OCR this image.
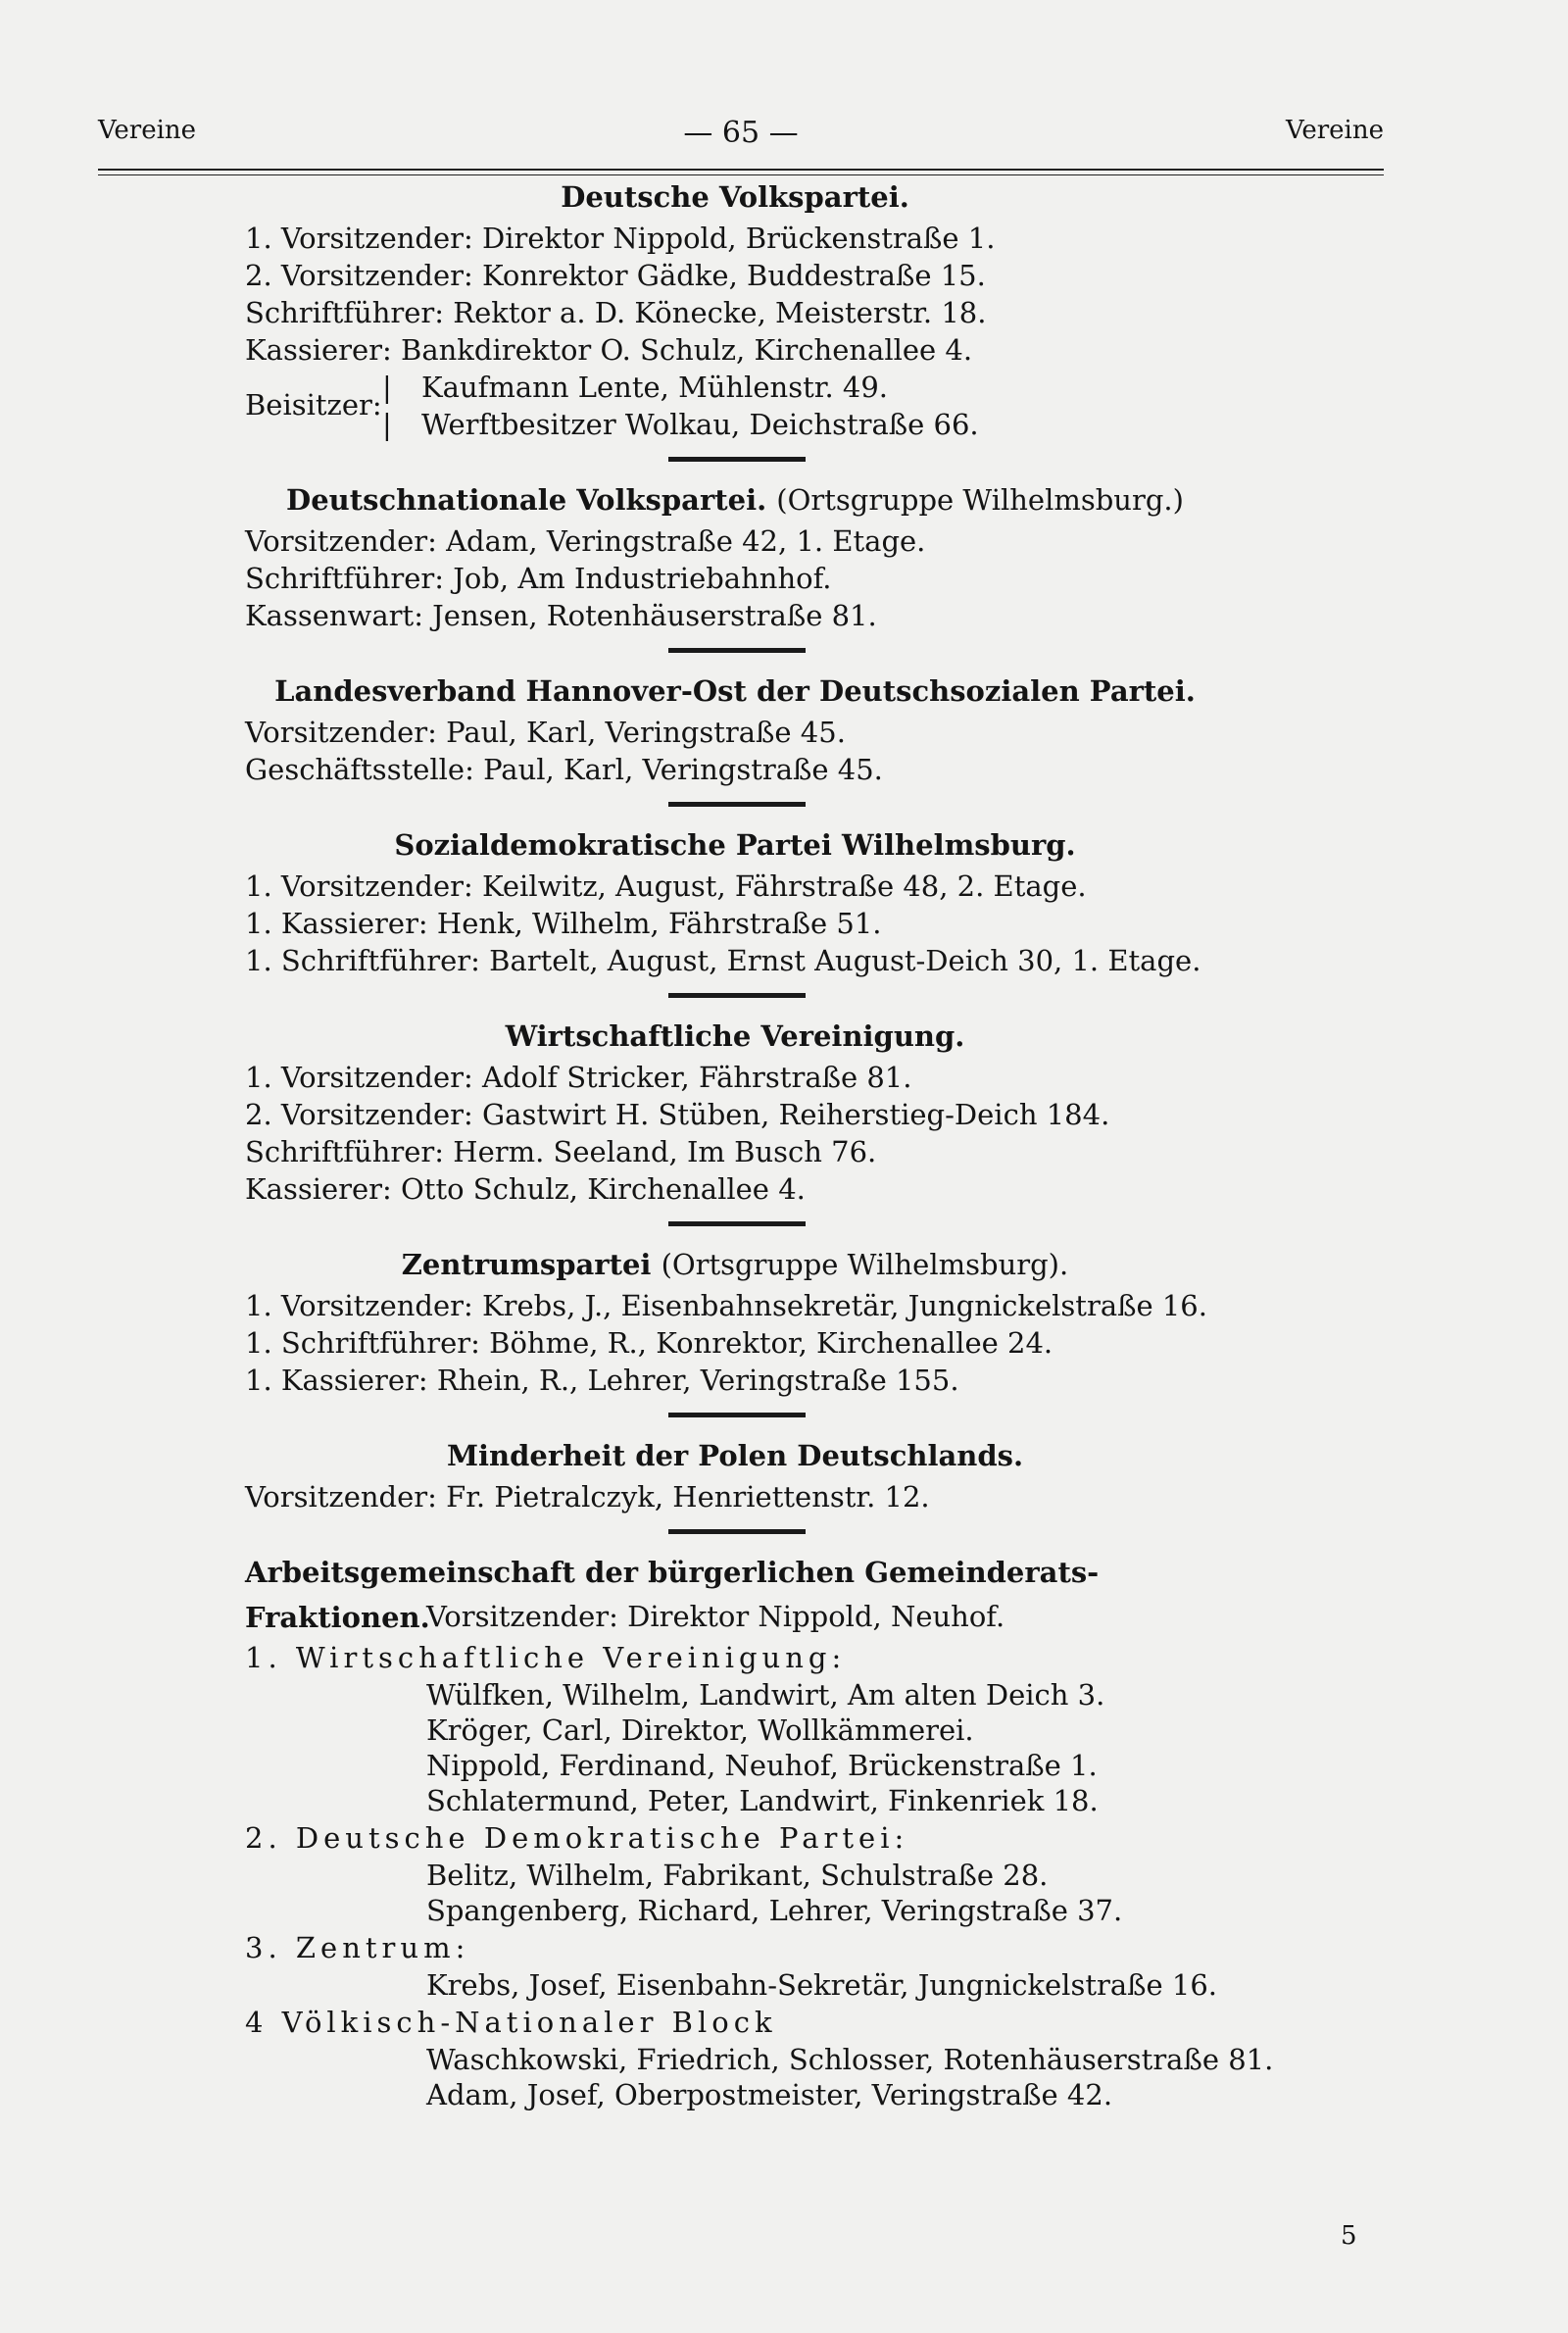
Vereine	— 65 —	Vereine
Deutsche Volkspartei.
1. Vorsitzender: Direktor Nippold, Brückenstraße 1.
2. Vorsitzender: Konrektor Gädke, Buddestraße 15.
Schriftführer: Rektor a. D. Könecke, Meisterstr. 18.
Kassierer: Bankdirektor O. Schulz, Kirchenallee 4.
Beisitzer:
|
|
Kaufmann Lente, Mühlenstr. 49.
Werftbesitzer Wolkau, Deichstraße 66.
Deutschnationale Volkspartei. (Ortsgruppe Wilhelmsburg.)
Vorsitzender: Adam, Veringstraße 42, 1. Etage.
Schriftführer: Job, Am Industriebahnhof.
Kassenwart: Jensen, Rotenhäuserstraße 81.
Landesverband Hannover-Ost der Deutschsozialen Partei.
Vorsitzender: Paul, Karl, Veringstraße 45.
Geschäftsstelle: Paul, Karl, Veringstraße 45.
Sozialdemokratische Partei Wilhelmsburg.
1. Vorsitzender: Keilwitz, August, Fährstraße 48, 2. Etage.
1. Kassierer: Henk, Wilhelm, Fährstraße 51.
1. Schriftführer: Bartelt, August, Ernst August-Deich 30, 1. Etage.
Wirtschaftliche Vereinigung.
1. Vorsitzender: Adolf Stricker, Fährstraße 81.
2. Vorsitzender: Gastwirt H. Stüben, Reiherstieg-Deich 184.
Schriftführer: Herm. Seeland, Im Busch 76.
Kassierer: Otto Schulz, Kirchenallee 4.
Zentrumspartei (Ortsgruppe Wilhelmsburg).
1. Vorsitzender: Krebs, J., Eisenbahnsekretär, Jungnickelstraße 16.
1. Schriftführer: Böhme, R., Konrektor, Kirchenallee 24.
1. Kassierer: Rhein, R., Lehrer, Veringstraße 155.
Minderheit der Polen Deutschlands.
Vorsitzender: Fr. Pietralczyk, Henriettenstr. 12.
Arbeitsgemeinschaft der bürgerlichen Gemeinderats-Fraktionen.
Vorsitzender: Direktor Nippold, Neuhof.
1. Wirtschaftliche Vereinigung:
Wülfken, Wilhelm, Landwirt, Am alten Deich 3.
Kröger, Carl, Direktor, Wollkämmerei.
Nippold, Ferdinand, Neuhof, Brückenstraße 1.
Schlatermund, Peter, Landwirt, Finkenriek 18.
2. Deutsche Demokratische Partei:
Belitz, Wilhelm, Fabrikant, Schulstraße 28.
Spangenberg, Richard, Lehrer, Veringstraße 37.
3. Zentrum:
Krebs, Josef, Eisenbahn-Sekretär, Jungnickelstraße 16.
4 Völkisch-Nationaler Block
Waschkowski, Friedrich, Schlosser, Rotenhäuserstraße 81.
Adam, Josef, Oberpostmeister, Veringstraße 42.
5
